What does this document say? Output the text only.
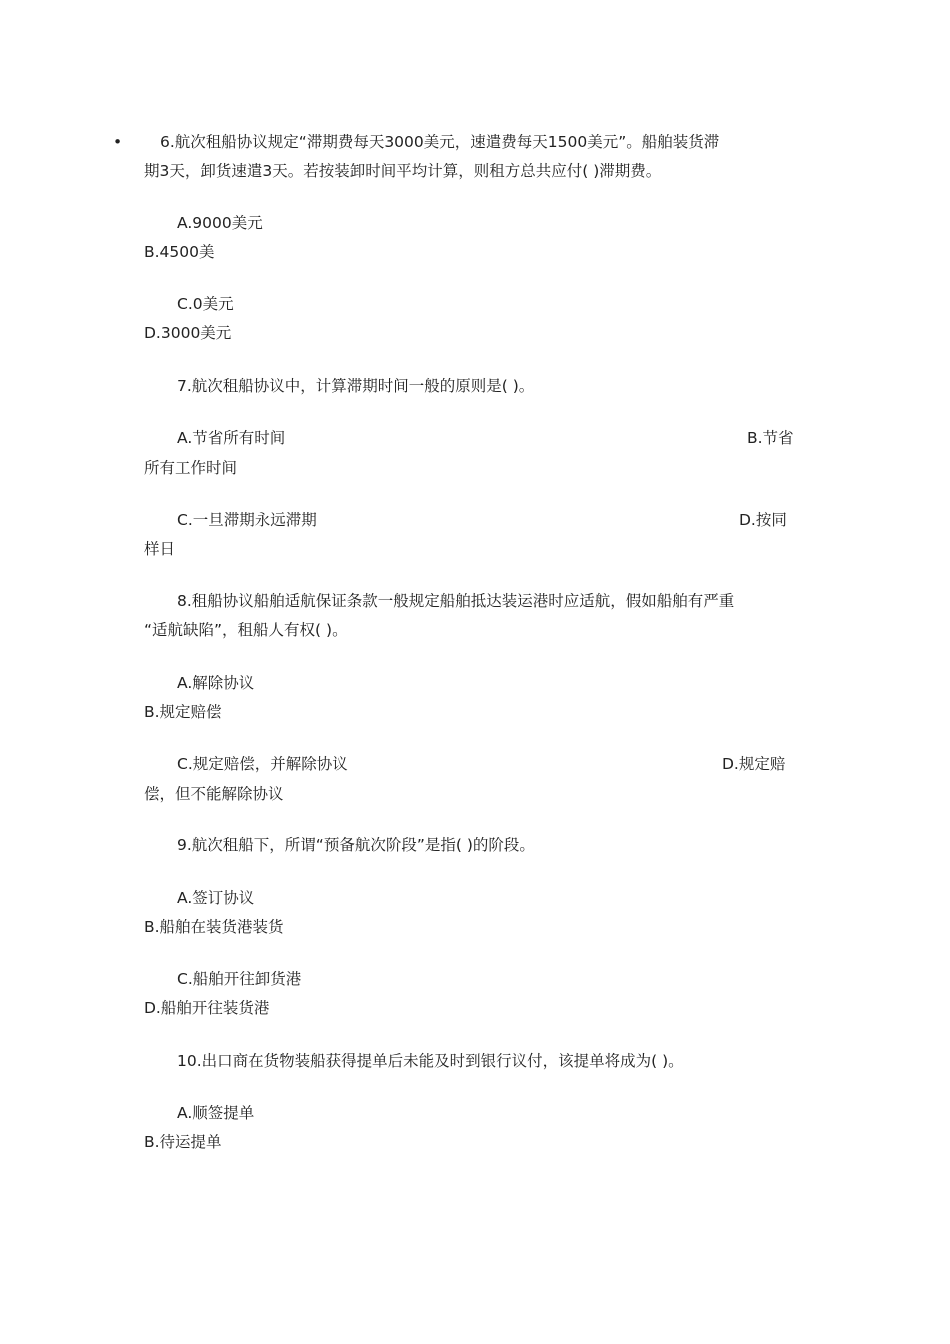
• 6.航次租船协议规定“滞期费每天3000美元，速遣费每天1500美元”。船舶装货滞
期3天，卸货速遣3天。若按装卸时间平均计算，则租方总共应付( )滞期费。
A.9000美元
B.4500美
C.0美元
D.3000美元
7.航次租船协议中，计算滞期时间一般的原则是( )。
A.节省所有时间	B.节省
所有工作时间
C.一旦滞期永远滞期	D.按同
样日
8.租船协议船舶适航保证条款一般规定船舶抵达装运港时应适航，假如船舶有严重
“适航缺陷”，租船人有权( )。
A.解除协议
B.规定赔偿
C.规定赔偿，并解除协议	D.规定赔
偿，但不能解除协议
9.航次租船下，所谓“预备航次阶段”是指( )的阶段。
A.签订协议
B.船舶在装货港装货
C.船舶开往卸货港
D.船舶开往装货港
10.出口商在货物装船获得提单后未能及时到银行议付，该提单将成为( )。
A.顺签提单
B.待运提单
